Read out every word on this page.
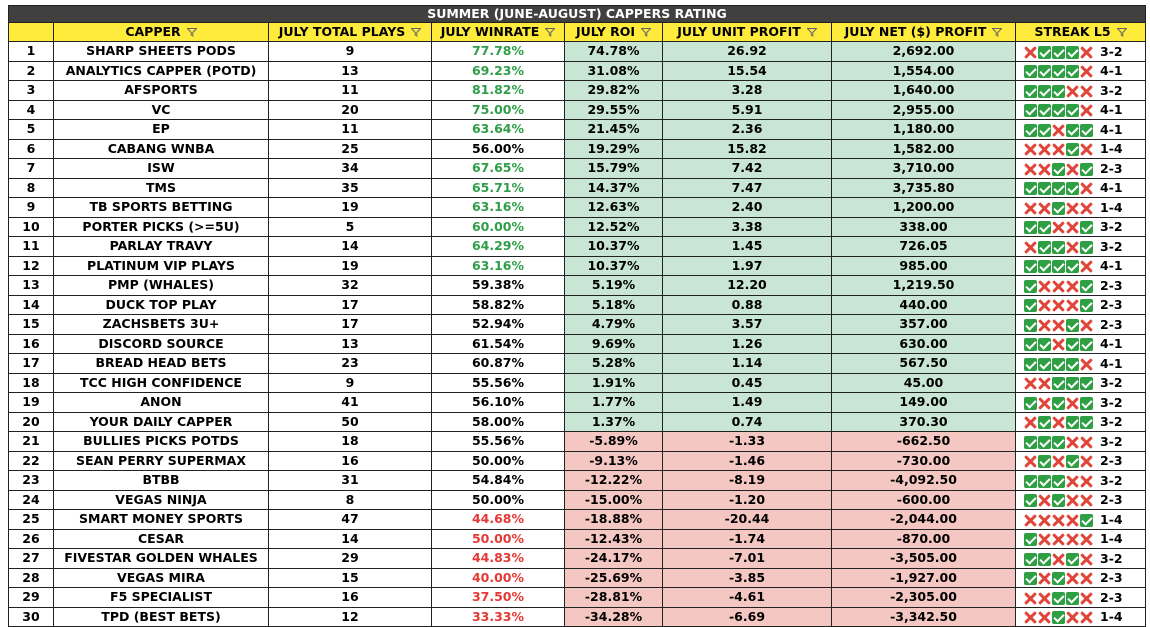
SUMMER (JUNE-AUGUST) CAPPERS RATING							
	CAPPER	JULY TOTAL PLAYS	JULY WINRATE	JULY ROI	JULY UNIT PROFIT	JULY NET ($) PROFIT	STREAK L5
1	SHARP SHEETS PODS	9	77.78%	74.78%	26.92	2,692.00	3-2
2	ANALYTICS CAPPER (POTD)	13	69.23%	31.08%	15.54	1,554.00	4-1
3	AFSPORTS	11	81.82%	29.82%	3.28	1,640.00	3-2
4	VC	20	75.00%	29.55%	5.91	2,955.00	4-1
5	EP	11	63.64%	21.45%	2.36	1,180.00	4-1
6	CABANG WNBA	25	56.00%	19.29%	15.82	1,582.00	1-4
7	ISW	34	67.65%	15.79%	7.42	3,710.00	2-3
8	TMS	35	65.71%	14.37%	7.47	3,735.80	4-1
9	TB SPORTS BETTING	19	63.16%	12.63%	2.40	1,200.00	1-4
10	PORTER PICKS (>=5U)	5	60.00%	12.52%	3.38	338.00	3-2
11	PARLAY TRAVY	14	64.29%	10.37%	1.45	726.05	3-2
12	PLATINUM VIP PLAYS	19	63.16%	10.37%	1.97	985.00	4-1
13	PMP (WHALES)	32	59.38%	5.19%	12.20	1,219.50	2-3
14	DUCK TOP PLAY	17	58.82%	5.18%	0.88	440.00	2-3
15	ZACHSBETS 3U+	17	52.94%	4.79%	3.57	357.00	2-3
16	DISCORD SOURCE	13	61.54%	9.69%	1.26	630.00	4-1
17	BREAD HEAD BETS	23	60.87%	5.28%	1.14	567.50	4-1
18	TCC HIGH CONFIDENCE	9	55.56%	1.91%	0.45	45.00	3-2
19	ANON	41	56.10%	1.77%	1.49	149.00	3-2
20	YOUR DAILY CAPPER	50	58.00%	1.37%	0.74	370.30	3-2
21	BULLIES PICKS POTDS	18	55.56%	-5.89%	-1.33	-662.50	3-2
22	SEAN PERRY SUPERMAX	16	50.00%	-9.13%	-1.46	-730.00	2-3
23	BTBB	31	54.84%	-12.22%	-8.19	-4,092.50	3-2
24	VEGAS NINJA	8	50.00%	-15.00%	-1.20	-600.00	2-3
25	SMART MONEY SPORTS	47	44.68%	-18.88%	-20.44	-2,044.00	1-4
26	CESAR	14	50.00%	-12.43%	-1.74	-870.00	1-4
27	FIVESTAR GOLDEN WHALES	29	44.83%	-24.17%	-7.01	-3,505.00	3-2
28	VEGAS MIRA	15	40.00%	-25.69%	-3.85	-1,927.00	2-3
29	F5 SPECIALIST	16	37.50%	-28.81%	-4.61	-2,305.00	2-3
30	TPD (BEST BETS)	12	33.33%	-34.28%	-6.69	-3,342.50	1-4
